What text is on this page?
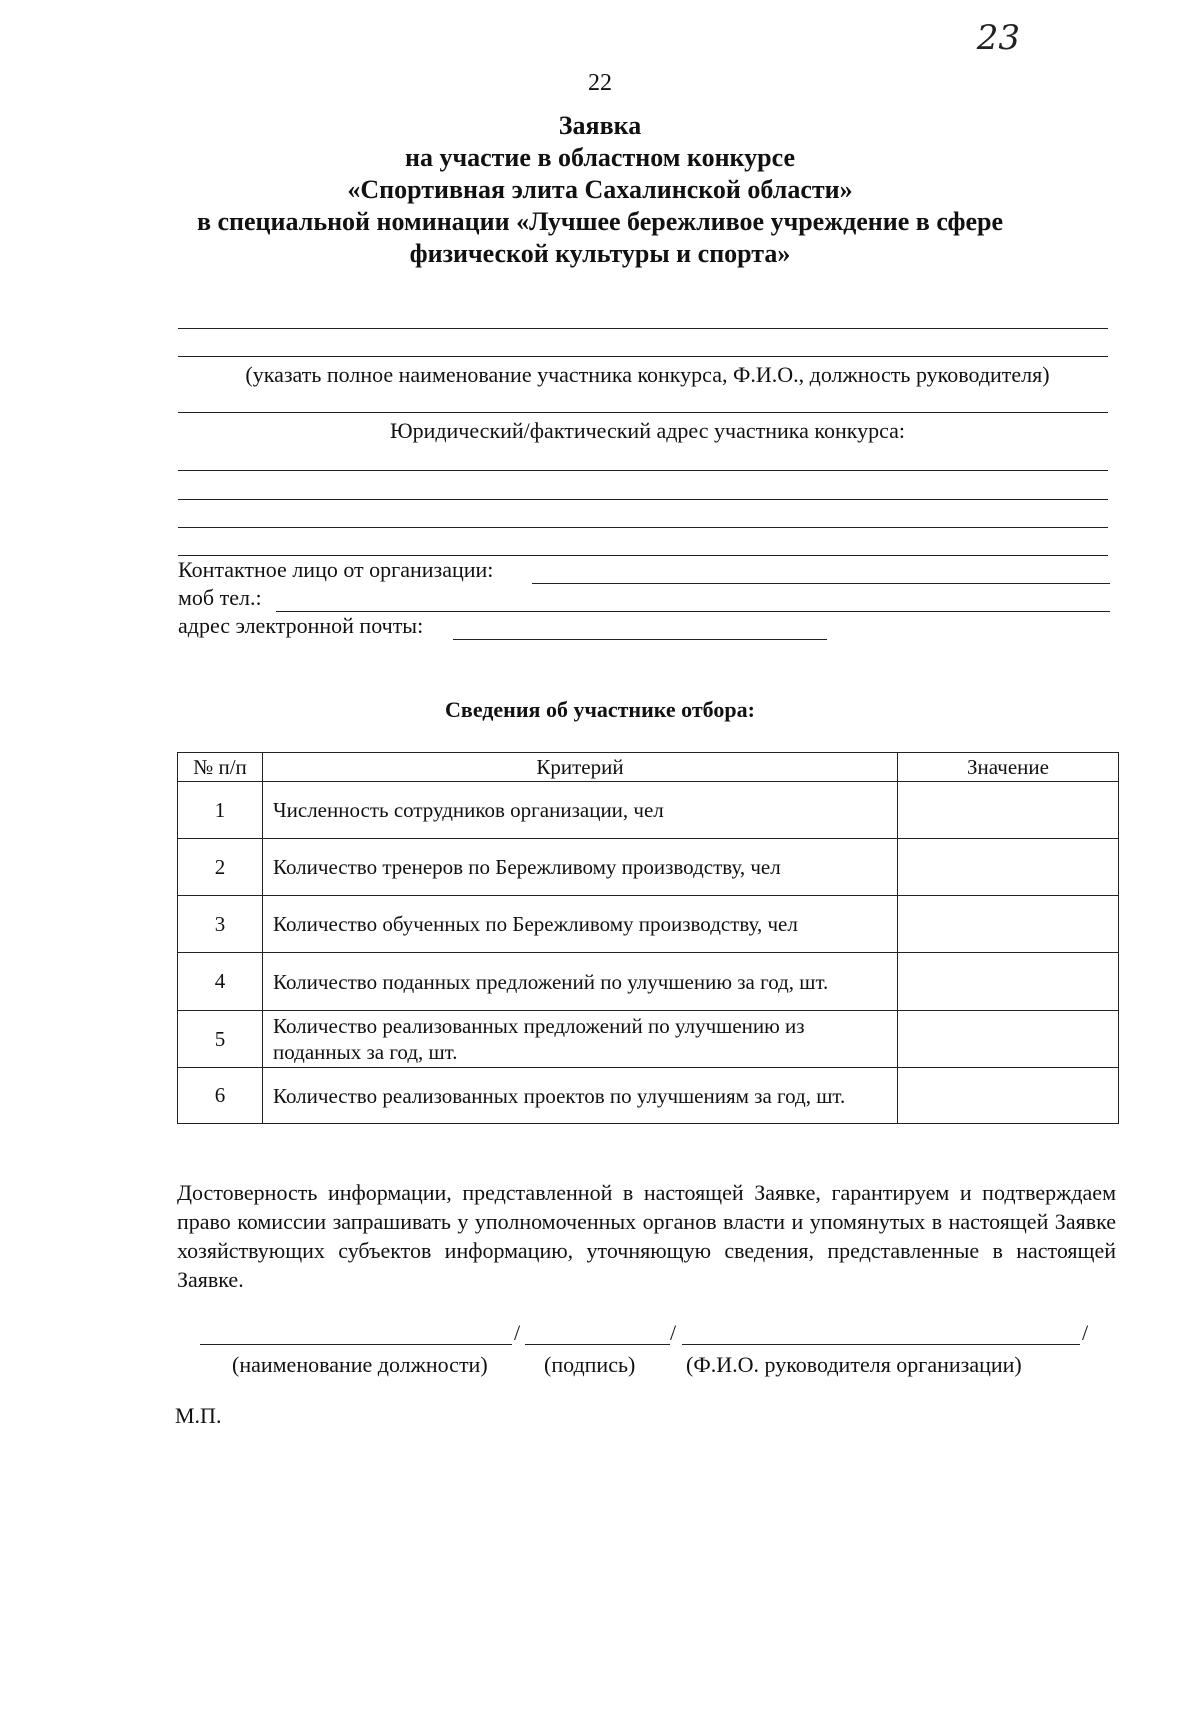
23
22
Заявка
на участие в областном конкурсе
«Спортивная элита Сахалинской области»
в специальной номинации «Лучшее бережливое учреждение в сфере
физической культуры и спорта»
(указать полное наименование участника конкурса, Ф.И.О., должность руководителя)
Юридический/фактический адрес участника конкурса:
Контактное лицо от организации:
моб тел.:
адрес электронной почты:
Сведения об участнике отбора:
№ п/п	Критерий	Значение
1	Численность сотрудников организации, чел	
2	Количество тренеров по Бережливому производству, чел	
3	Количество обученных по Бережливому производству, чел	
4	Количество поданных предложений по улучшению за год, шт.	
5	Количество реализованных предложений по улучшению из поданных за год, шт.	
6	Количество реализованных проектов по улучшениям за год, шт.	
Достоверность информации, представленной в настоящей Заявке, гарантируем и подтверждаем право комиссии запрашивать у уполномоченных органов власти и упомянутых в настоящей Заявке хозяйствующих субъектов информацию, уточняющую сведения, представленные в настоящей Заявке.
/	/	/
(наименование должности)	(подпись) (Ф.И.О. руководителя организации)
М.П.
